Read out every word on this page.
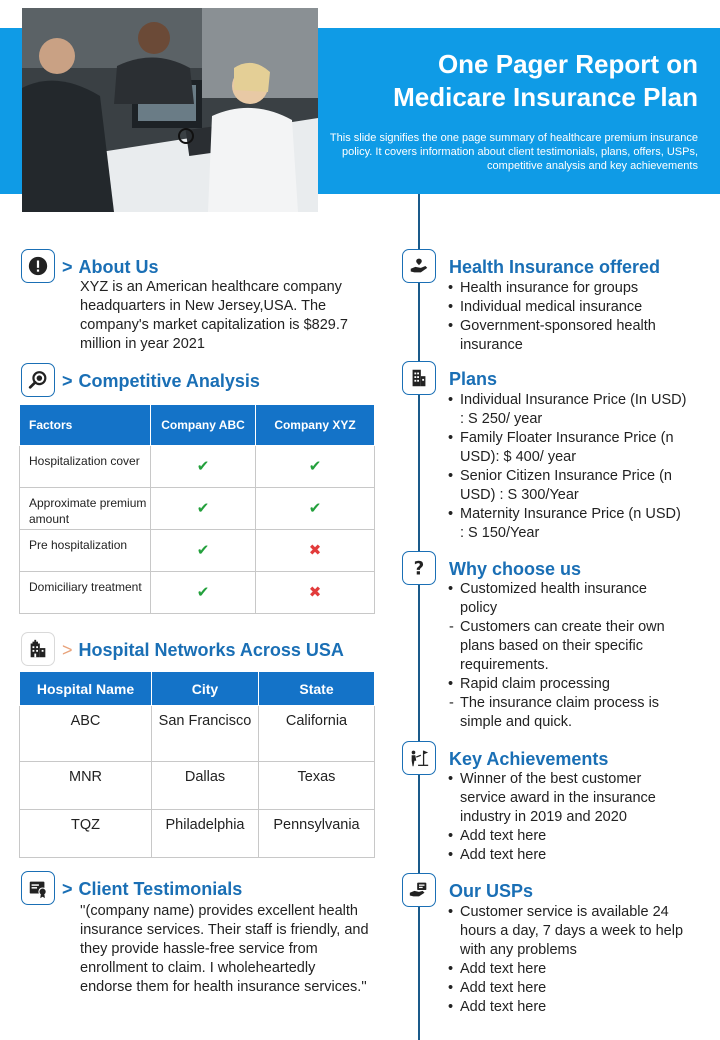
One Pager Report on
Medicare Insurance Plan
This slide signifies the one page summary of healthcare premium insurance policy. It covers information about client testimonials, plans, offers, USPs, competitive analysis and key achievements
> About Us
XYZ is an American healthcare company headquarters in New Jersey,USA. The company's market capitalization is $829.7 million in year 2021
> Competitive Analysis
Factors	Company ABC	Company XYZ
Hospitalization cover	✔	✔
Approximate premium amount	✔	✔
Pre hospitalization	✔	✖
Domiciliary treatment	✔	✖
> Hospital Networks Across USA
Hospital Name	City	State
ABC	San Francisco	California
MNR	Dallas	Texas
TQZ	Philadelphia	Pennsylvania
> Client Testimonials
''(company name) provides excellent health insurance services. Their staff is friendly, and they provide hassle-free service from enrollment to claim. I wholeheartedly endorse them for health insurance services.''
Health Insurance offered
• Health insurance for groups
• Individual medical insurance
• Government-sponsored health insurance
Plans
• Individual Insurance Price (In USD) : S 250/ year
• Family Floater Insurance Price (n USD): $ 400/ year
• Senior Citizen Insurance Price (n USD) : S 300/Year
• Maternity Insurance Price (n USD) : S 150/Year
? Why choose us
• Customized health insurance policy
- Customers can create their own plans based on their specific requirements.
• Rapid claim processing
- The insurance claim process is simple and quick.
Key Achievements
• Winner of the best customer service award in the insurance industry in 2019 and 2020
• Add text here
• Add text here
Our USPs
• Customer service is available 24 hours a day, 7 days a week to help with any problems
• Add text here
• Add text here
• Add text here
